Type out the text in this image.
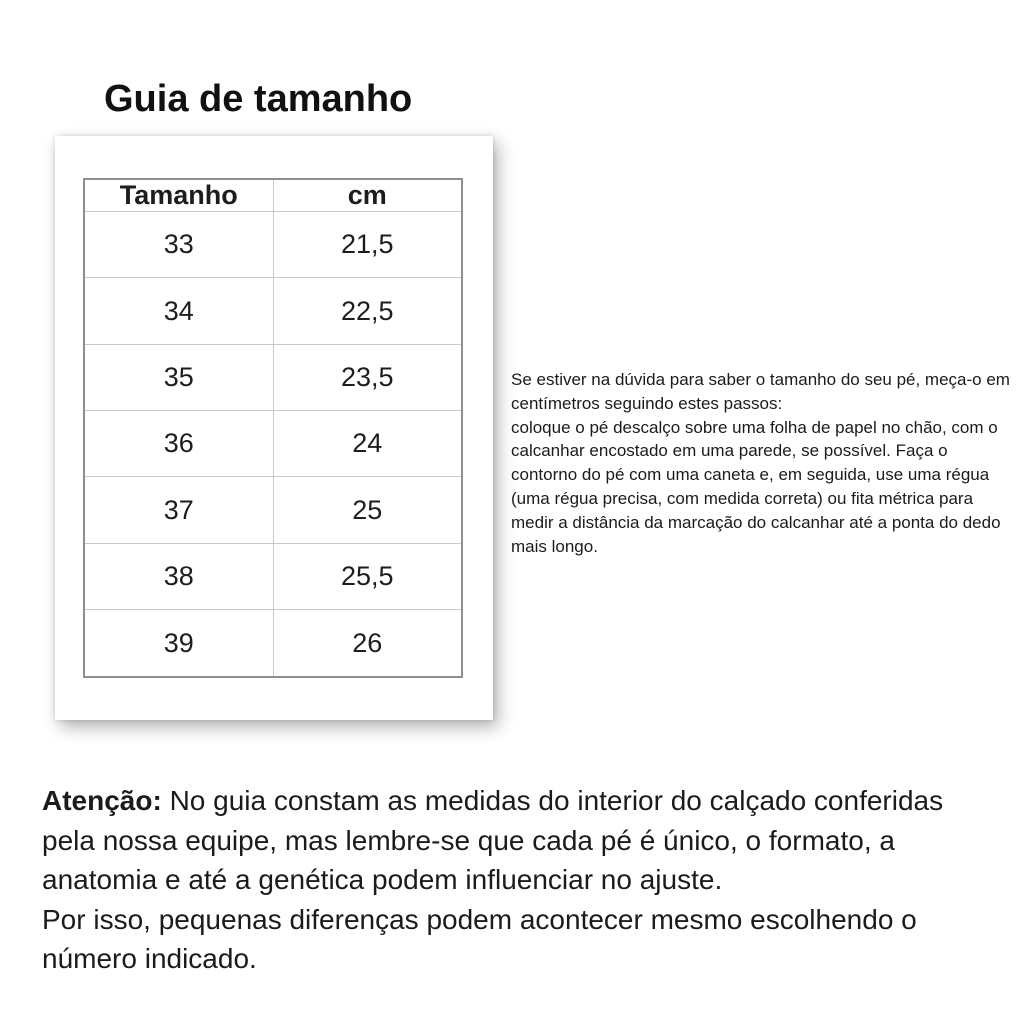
Guia de tamanho
Tamanho	cm
33	21,5
34	22,5
35	23,5
36	24
37	25
38	25,5
39	26

Se estiver na dúvida para saber o tamanho do seu pé, meça-o em centímetros seguindo estes passos:
coloque o pé descalço sobre uma folha de papel no chão, com o calcanhar encostado em uma parede, se possível. Faça o contorno do pé com uma caneta e, em seguida, use uma régua (uma régua precisa, com medida correta) ou fita métrica para medir a distância da marcação do calcanhar até a ponta do dedo mais longo.

Atenção: No guia constam as medidas do interior do calçado conferidas pela nossa equipe, mas lembre-se que cada pé é único, o formato, a anatomia e até a genética podem influenciar no ajuste.
Por isso, pequenas diferenças podem acontecer mesmo escolhendo o número indicado.
